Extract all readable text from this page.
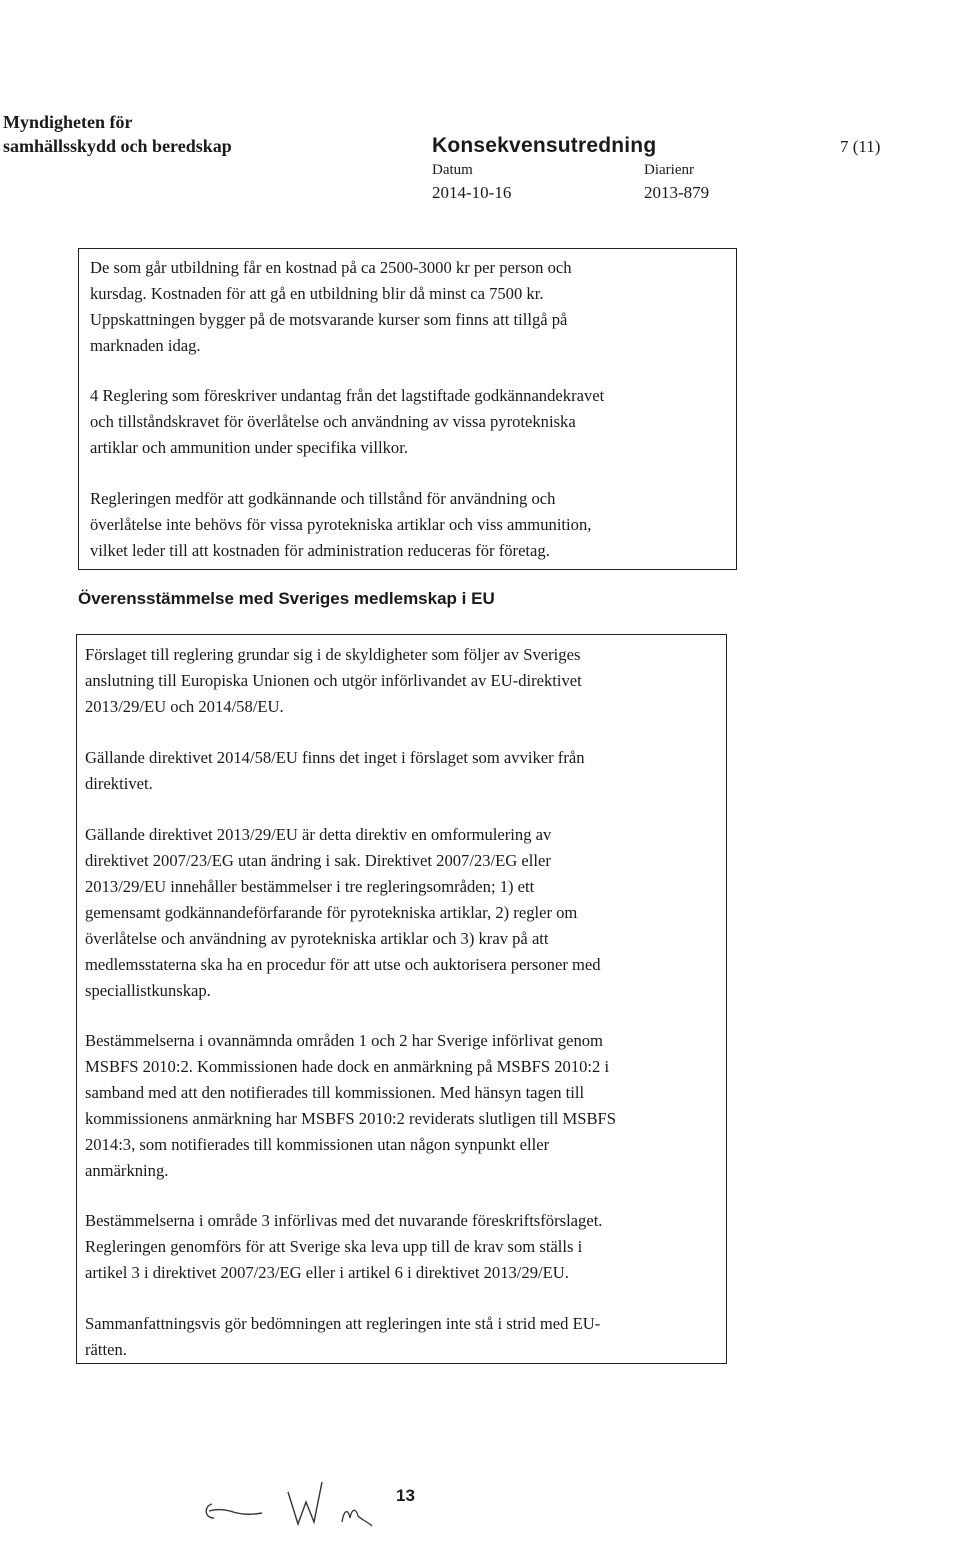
Myndigheten för
samhällsskydd och beredskap	Konsekvensutredning	7 (11)
Datum
2014-10-16
Diarienr
2013-879
De som går utbildning får en kostnad på ca 2500-3000 kr per person och
kursdag. Kostnaden för att gå en utbildning blir då minst ca 7500 kr.
Uppskattningen bygger på de motsvarande kurser som finns att tillgå på
marknaden idag.
4 Reglering som föreskriver undantag från det lagstiftade godkännandekravet
och tillståndskravet för överlåtelse och användning av vissa pyrotekniska
artiklar och ammunition under specifika villkor.
Regleringen medför att godkännande och tillstånd för användning och
överlåtelse inte behövs för vissa pyrotekniska artiklar och viss ammunition,
vilket leder till att kostnaden för administration reduceras för företag.
Överensstämmelse med Sveriges medlemskap i EU
Förslaget till reglering grundar sig i de skyldigheter som följer av Sveriges
anslutning till Europiska Unionen och utgör införlivandet av EU-direktivet
2013/29/EU och 2014/58/EU.
Gällande direktivet 2014/58/EU finns det inget i förslaget som avviker från
direktivet.
Gällande direktivet 2013/29/EU är detta direktiv en omformulering av
direktivet 2007/23/EG utan ändring i sak. Direktivet 2007/23/EG eller
2013/29/EU innehåller bestämmelser i tre regleringsområden; 1) ett
gemensamt godkännandeförfarande för pyrotekniska artiklar, 2) regler om
överlåtelse och användning av pyrotekniska artiklar och 3) krav på att
medlemsstaterna ska ha en procedur för att utse och auktorisera personer med
speciallistkunskap.
Bestämmelserna i ovannämnda områden 1 och 2 har Sverige införlivat genom
MSBFS 2010:2. Kommissionen hade dock en anmärkning på MSBFS 2010:2 i
samband med att den notifierades till kommissionen. Med hänsyn tagen till
kommissionens anmärkning har MSBFS 2010:2 reviderats slutligen till MSBFS
2014:3, som notifierades till kommissionen utan någon synpunkt eller
anmärkning.
Bestämmelserna i område 3 införlivas med det nuvarande föreskriftsförslaget.
Regleringen genomförs för att Sverige ska leva upp till de krav som ställs i
artikel 3 i direktivet 2007/23/EG eller i artikel 6 i direktivet 2013/29/EU.
Sammanfattningsvis gör bedömningen att regleringen inte stå i strid med EU-
rätten.
13
